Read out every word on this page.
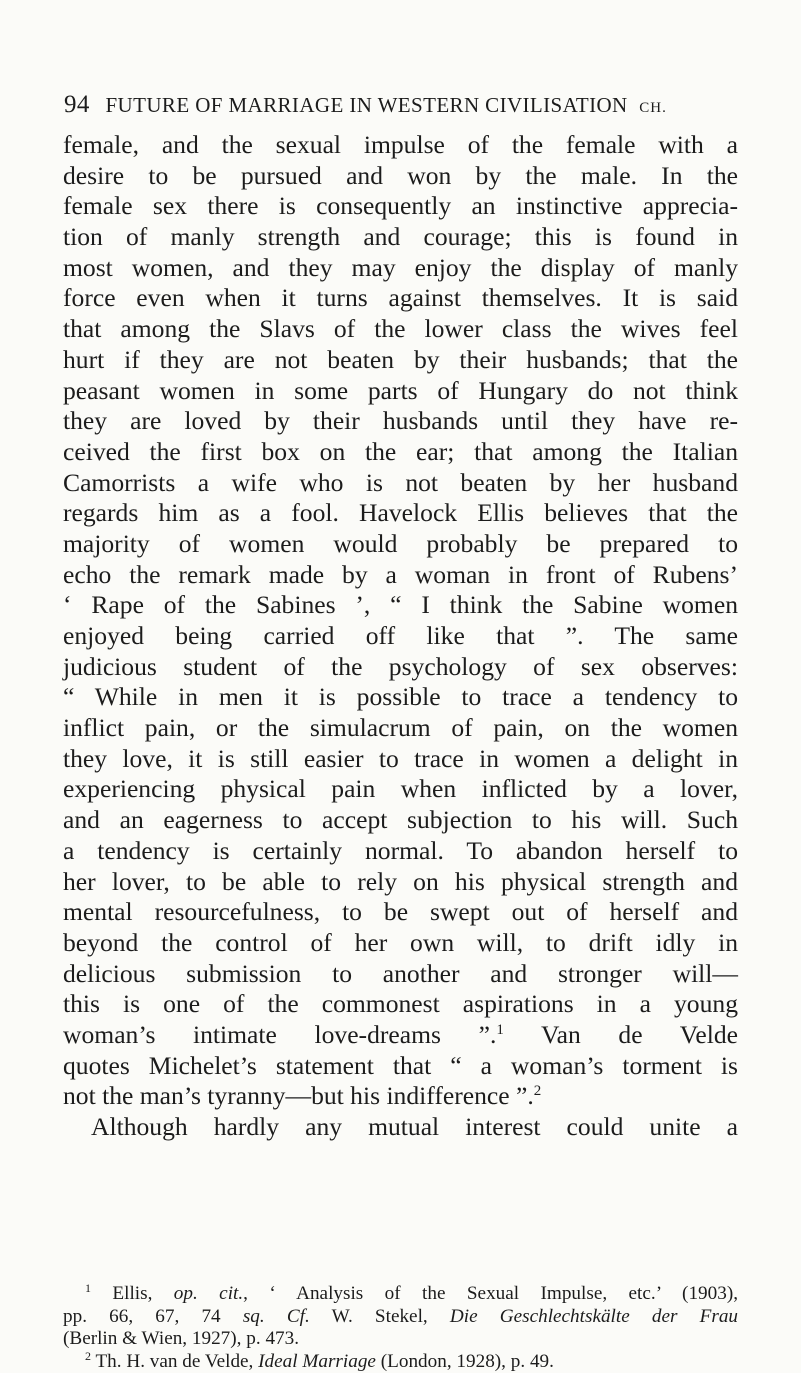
94 FUTURE OF MARRIAGE IN WESTERN CIVILISATION CH.
female, and the sexual impulse of the female with a
desire to be pursued and won by the male. In the
female sex there is consequently an instinctive apprecia-
tion of manly strength and courage; this is found in
most women, and they may enjoy the display of manly
force even when it turns against themselves. It is said
that among the Slavs of the lower class the wives feel
hurt if they are not beaten by their husbands; that the
peasant women in some parts of Hungary do not think
they are loved by their husbands until they have re-
ceived the first box on the ear; that among the Italian
Camorrists a wife who is not beaten by her husband
regards him as a fool. Havelock Ellis believes that the
majority of women would probably be prepared to
echo the remark made by a woman in front of Rubens’
‘ Rape of the Sabines ’, “ I think the Sabine women
enjoyed being carried off like that ”. The same
judicious student of the psychology of sex observes:
“ While in men it is possible to trace a tendency to
inflict pain, or the simulacrum of pain, on the women
they love, it is still easier to trace in women a delight in
experiencing physical pain when inflicted by a lover,
and an eagerness to accept subjection to his will. Such
a tendency is certainly normal. To abandon herself to
her lover, to be able to rely on his physical strength and
mental resourcefulness, to be swept out of herself and
beyond the control of her own will, to drift idly in
delicious submission to another and stronger will—
this is one of the commonest aspirations in a young
woman’s intimate love-dreams ”.$^1$ Van de Velde
quotes Michelet’s statement that “ a woman’s torment is
not the man’s tyranny—but his indifference ”.$^2$
Although hardly any mutual interest could unite a
$^1$ Ellis, op. cit., ‘ Analysis of the Sexual Impulse, etc.’ (1903),
pp. 66, 67, 74 sq. Cf. W. Stekel, Die Geschlechtskälte der Frau
(Berlin & Wien, 1927), p. 473.
$^2$ Th. H. van de Velde, Ideal Marriage (London, 1928), p. 49.
